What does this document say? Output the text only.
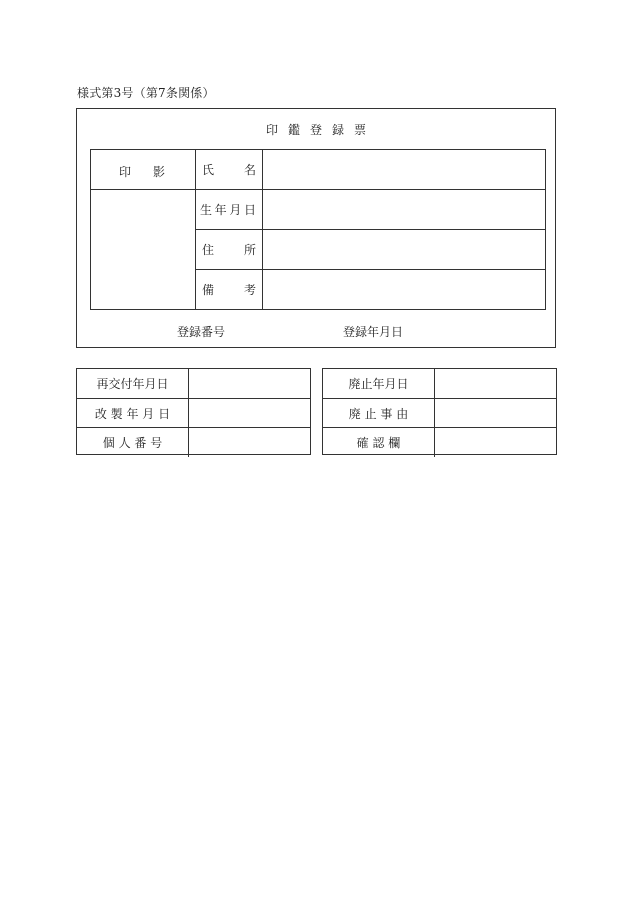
様式第3号（第7条関係）
印鑑登録票
印 影	氏 名
生 年 月 日
住 所
備 考
登録番号	登録年月日
再交付年月日
改 製 年 月 日
個 人 番 号
廃止年月日
廃 止 事 由
確 認 欄
